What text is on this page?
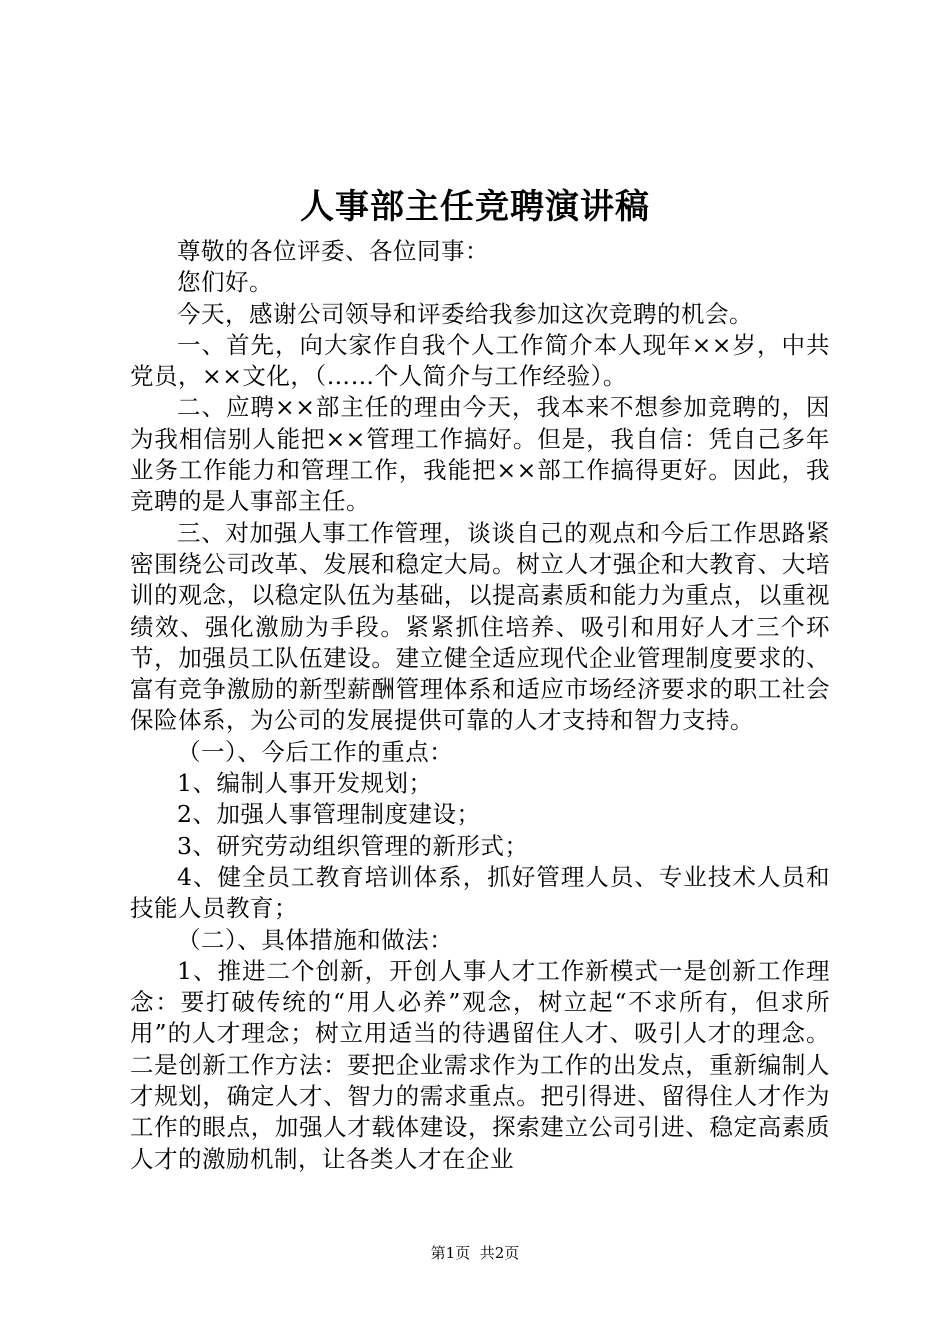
人事部主任竞聘演讲稿

尊敬的各位评委、各位同事：

您们好。

今天，感谢公司领导和评委给我参加这次竞聘的机会。

一、首先，向大家作自我个人工作简介本人现年××岁，中共党员，××文化，（……个人简介与工作经验）。

二、应聘××部主任的理由今天，我本来不想参加竞聘的，因为我相信别人能把××管理工作搞好。但是，我自信：凭自己多年业务工作能力和管理工作，我能把××部工作搞得更好。因此，我竞聘的是人事部主任。

三、对加强人事工作管理，谈谈自己的观点和今后工作思路紧密围绕公司改革、发展和稳定大局。树立人才强企和大教育、大培训的观念，以稳定队伍为基础，以提高素质和能力为重点，以重视绩效、强化激励为手段。紧紧抓住培养、吸引和用好人才三个环节，加强员工队伍建设。建立健全适应现代企业管理制度要求的、富有竞争激励的新型薪酬管理体系和适应市场经济要求的职工社会保险体系，为公司的发展提供可靠的人才支持和智力支持。

（一）、今后工作的重点：

1、编制人事开发规划；

2、加强人事管理制度建设；

3、研究劳动组织管理的新形式；

4、健全员工教育培训体系，抓好管理人员、专业技术人员和技能人员教育；

（二）、具体措施和做法：

1、推进二个创新，开创人事人才工作新模式一是创新工作理念：要打破传统的“用人必养”观念，树立起“不求所有，但求所用”的人才理念；树立用适当的待遇留住人才、吸引人才的理念。二是创新工作方法：要把企业需求作为工作的出发点，重新编制人才规划，确定人才、智力的需求重点。把引得进、留得住人才作为工作的眼点，加强人才载体建设，探索建立公司引进、稳定高素质人才的激励机制，让各类人才在企业

第1页 共2页
